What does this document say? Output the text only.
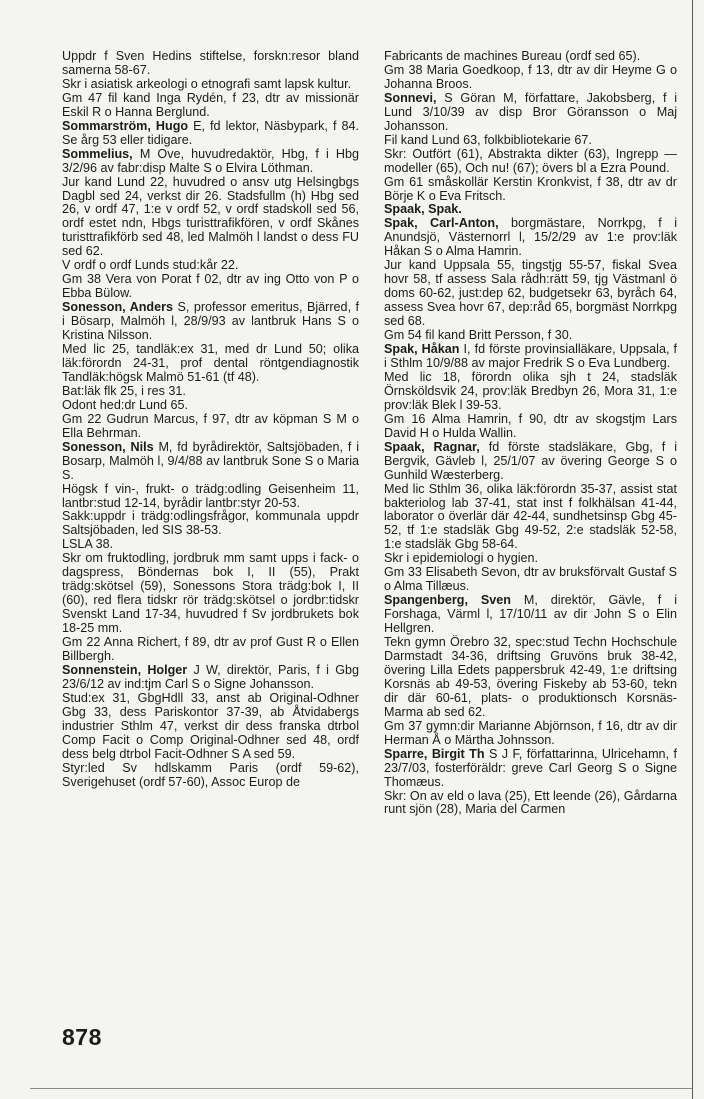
Uppdr f Sven Hedins stiftelse, forskn:resor bland samerna 58-67.

Skr i asiatisk arkeologi o etnografi samt lapsk kultur.

Gm 47 fil kand Inga Rydén, f 23, dtr av missionär Eskil R o Hanna Berglund.

Sommarström, Hugo E, fd lektor, Näsbypark, f 84. Se årg 53 eller tidigare.

Sommelius, M Ove, huvudredaktör, Hbg, f i Hbg 3/2/96 av fabr:disp Malte S o Elvira Löthman.

Jur kand Lund 22, huvudred o ansv utg Helsingbgs Dagbl sed 24, verkst dir 26. Stadsfullm (h) Hbg sed 26, v ordf 47, 1:e v ordf 52, v ordf stadskoll sed 56, ordf estet ndn, Hbgs turisttrafikfören, v ordf Skånes turisttrafikförb sed 48, led Malmöh l landst o dess FU sed 62.

V ordf o ordf Lunds stud:kår 22.

Gm 38 Vera von Porat f 02, dtr av ing Otto von P o Ebba Bülow.

Sonesson, Anders S, professor emeritus, Bjärred, f i Bösarp, Malmöh l, 28/9/93 av lantbruk Hans S o Kristina Nilsson.

Med lic 25, tandläk:ex 31, med dr Lund 50; olika läk:förordn 24-31, prof dental röntgendiagnostik Tandläk:högsk Malmö 51-61 (tf 48).

Bat:läk flk 25, i res 31.

Odont hed:dr Lund 65.

Gm 22 Gudrun Marcus, f 97, dtr av köpman S M o Ella Behrman.

Sonesson, Nils M, fd byrådirektör, Saltsjöbaden, f i Bosarp, Malmöh l, 9/4/88 av lantbruk Sone S o Maria S.

Högsk f vin-, frukt- o trädg:odling Geisenheim 11, lantbr:stud 12-14, byrådir lantbr:styr 20-53.

Sakk:uppdr i trädg:odlingsfrågor, kommunala uppdr Saltsjöbaden, led SIS 38-53.

LSLA 38.

Skr om fruktodling, jordbruk mm samt upps i fack- o dagspress, Böndernas bok I, II (55), Prakt trädg:skötsel (59), Sonessons Stora trädg:bok I, II (60), red flera tidskr rör trädg:skötsel o jordbr:tidskr Svenskt Land 17-34, huvudred f Sv jordbrukets bok 18-25 mm.

Gm 22 Anna Richert, f 89, dtr av prof Gust R o Ellen Billbergh.

Sonnenstein, Holger J W, direktör, Paris, f i Gbg 23/6/12 av ind:tjm Carl S o Signe Johansson.

Stud:ex 31, GbgHdll 33, anst ab Original-Odhner Gbg 33, dess Pariskontor 37-39, ab Åtvidabergs industrier Sthlm 47, verkst dir dess franska dtrbol Comp Facit o Comp Original-Odhner sed 48, ordf dess belg dtrbol Facit-Odhner S A sed 59.

Styr:led Sv hdlskamm Paris (ordf 59-62), Sverigehuset (ordf 57-60), Assoc Europ de

Fabricants de machines Bureau (ordf sed 65).

Gm 38 Maria Goedkoop, f 13, dtr av dir Heyme G o Johanna Broos.

Sonnevi, S Göran M, författare, Jakobsberg, f i Lund 3/10/39 av disp Bror Göransson o Maj Johansson.

Fil kand Lund 63, folkbibliotekarie 67.

Skr: Outfört (61), Abstrakta dikter (63), Ingrepp — modeller (65), Och nu! (67); övers bl a Ezra Pound.

Gm 61 småskollär Kerstin Kronkvist, f 38, dtr av dr Börje K o Eva Fritsch.

Spaak, Spak.

Spak, Carl-Anton, borgmästare, Norrkpg, f i Anundsjö, Västernorrl l, 15/2/29 av 1:e prov:läk Håkan S o Alma Hamrin.

Jur kand Uppsala 55, tingstjg 55-57, fiskal Svea hovr 58, tf assess Sala rådh:rätt 59, tjg Västmanl ö doms 60-62, just:dep 62, budgetsekr 63, byråch 64, assess Svea hovr 67, dep:råd 65, borgmäst Norrkpg sed 68.

Gm 54 fil kand Britt Persson, f 30.

Spak, Håkan I, fd förste provinsialläkare, Uppsala, f i Sthlm 10/9/88 av major Fredrik S o Eva Lundberg.

Med lic 18, förordn olika sjh t 24, stadsläk Örnsköldsvik 24, prov:läk Bredbyn 26, Mora 31, 1:e prov:läk Blek l 39-53.

Gm 16 Alma Hamrin, f 90, dtr av skogstjm Lars David H o Hulda Wallin.

Spaak, Ragnar, fd förste stadsläkare, Gbg, f i Bergvik, Gävleb l, 25/1/07 av övering George S o Gunhild Wæsterberg.

Med lic Sthlm 36, olika läk:förordn 35-37, assist stat bakteriolog lab 37-41, stat inst f folkhälsan 41-44, laborator o överlär där 42-44, sundhetsinsp Gbg 45-52, tf 1:e stadsläk Gbg 49-52, 2:e stadsläk 52-58, 1:e stadsläk Gbg 58-64.

Skr i epidemiologi o hygien.

Gm 33 Elisabeth Sevon, dtr av bruksförvalt Gustaf S o Alma Tillæus.

Spangenberg, Sven M, direktör, Gävle, f i Forshaga, Värml l, 17/10/11 av dir John S o Elin Hellgren.

Tekn gymn Örebro 32, spec:stud Techn Hochschule Darmstadt 34-36, driftsing Gruvöns bruk 38-42, övering Lilla Edets pappersbruk 42-49, 1:e driftsing Korsnäs ab 49-53, övering Fiskeby ab 53-60, tekn dir där 60-61, plats- o produktionsch Korsnäs-Marma ab sed 62.

Gm 37 gymn:dir Marianne Abjörnson, f 16, dtr av dir Herman Å o Märtha Johnsson.

Sparre, Birgit Th S J F, författarinna, Ulricehamn, f 23/7/03, fosterföräldr: greve Carl Georg S o Signe Thomæus.

Skr: On av eld o lava (25), Ett leende (26), Gårdarna runt sjön (28), Maria del Carmen

878
